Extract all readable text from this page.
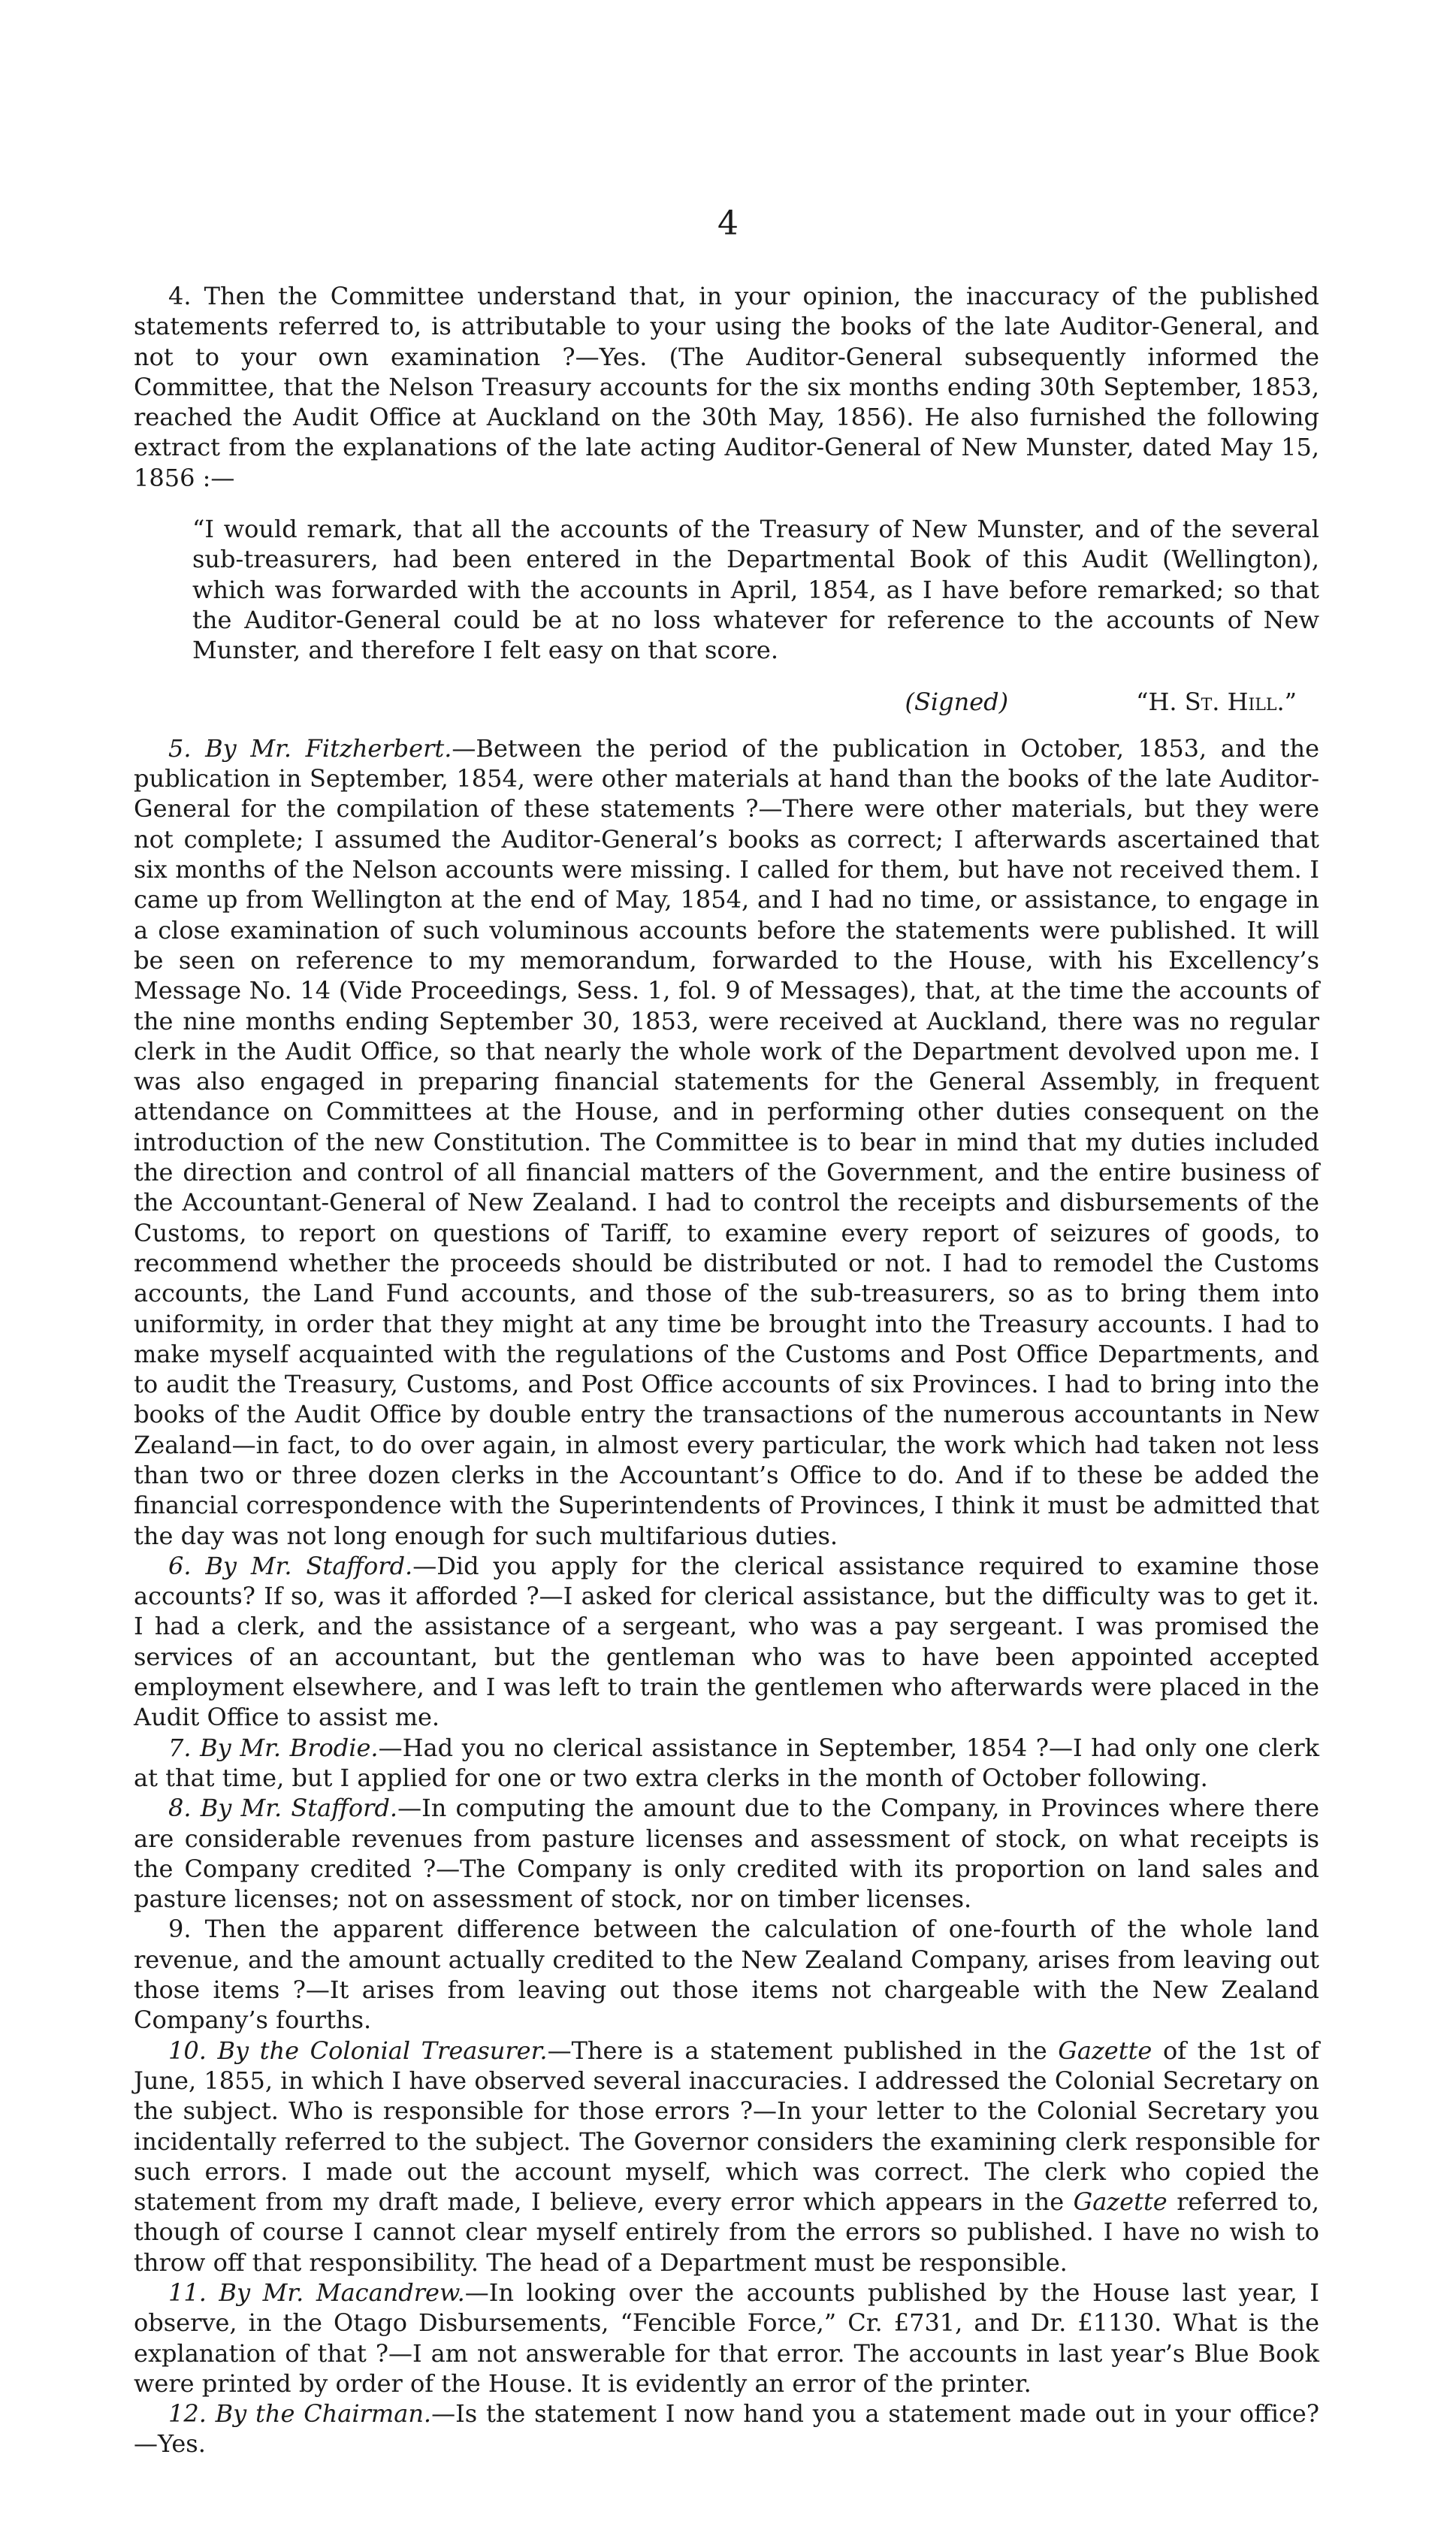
4

4. Then the Committee understand that, in your opinion, the inaccuracy of the published statements referred to, is attributable to your using the books of the late Auditor-General, and not to your own examination ?—Yes. (The Auditor-General subsequently informed the Committee, that the Nelson Treasury accounts for the six months ending 30th September, 1853, reached the Audit Office at Auckland on the 30th May, 1856). He also furnished the following extract from the explanations of the late acting Auditor-General of New Munster, dated May 15, 1856 :—

“I would remark, that all the accounts of the Treasury of New Munster, and of the several sub-treasurers, had been entered in the Departmental Book of this Audit (Wellington), which was forwarded with the accounts in April, 1854, as I have before remarked; so that the Auditor-General could be at no loss whatever for reference to the accounts of New Munster, and therefore I felt easy on that score.

(Signed)	“H. St. Hill.”

5. By Mr. Fitzherbert.—Between the period of the publication in October, 1853, and the publication in September, 1854, were other materials at hand than the books of the late Auditor-General for the compilation of these statements ?—There were other materials, but they were not complete; I assumed the Auditor-General’s books as correct; I afterwards ascertained that six months of the Nelson accounts were missing. I called for them, but have not received them. I came up from Wellington at the end of May, 1854, and I had no time, or assistance, to engage in a close examination of such voluminous accounts before the statements were published. It will be seen on reference to my memorandum, forwarded to the House, with his Excellency’s Message No. 14 (Vide Proceedings, Sess. 1, fol. 9 of Messages), that, at the time the accounts of the nine months ending September 30, 1853, were received at Auckland, there was no regular clerk in the Audit Office, so that nearly the whole work of the Department devolved upon me. I was also engaged in preparing financial statements for the General Assembly, in frequent attendance on Committees at the House, and in performing other duties consequent on the introduction of the new Constitution. The Committee is to bear in mind that my duties included the direction and control of all financial matters of the Government, and the entire business of the Accountant-General of New Zealand. I had to control the receipts and disbursements of the Customs, to report on questions of Tariff, to examine every report of seizures of goods, to recommend whether the proceeds should be distributed or not. I had to remodel the Customs accounts, the Land Fund accounts, and those of the sub-treasurers, so as to bring them into uniformity, in order that they might at any time be brought into the Treasury accounts. I had to make myself acquainted with the regulations of the Customs and Post Office Departments, and to audit the Treasury, Customs, and Post Office accounts of six Provinces. I had to bring into the books of the Audit Office by double entry the transactions of the numerous accountants in New Zealand—in fact, to do over again, in almost every particular, the work which had taken not less than two or three dozen clerks in the Accountant’s Office to do. And if to these be added the financial correspondence with the Superintendents of Provinces, I think it must be admitted that the day was not long enough for such multifarious duties.

6. By Mr. Stafford.—Did you apply for the clerical assistance required to examine those accounts? If so, was it afforded ?—I asked for clerical assistance, but the difficulty was to get it. I had a clerk, and the assistance of a sergeant, who was a pay sergeant. I was promised the services of an accountant, but the gentleman who was to have been appointed accepted employment elsewhere, and I was left to train the gentlemen who afterwards were placed in the Audit Office to assist me.

7. By Mr. Brodie.—Had you no clerical assistance in September, 1854 ?—I had only one clerk at that time, but I applied for one or two extra clerks in the month of October following.

8. By Mr. Stafford.—In computing the amount due to the Company, in Provinces where there are considerable revenues from pasture licenses and assessment of stock, on what receipts is the Company credited ?—The Company is only credited with its proportion on land sales and pasture licenses; not on assessment of stock, nor on timber licenses.

9. Then the apparent difference between the calculation of one-fourth of the whole land revenue, and the amount actually credited to the New Zealand Company, arises from leaving out those items ?—It arises from leaving out those items not chargeable with the New Zealand Company’s fourths.

10. By the Colonial Treasurer.—There is a statement published in the Gazette of the 1st of June, 1855, in which I have observed several inaccuracies. I addressed the Colonial Secretary on the subject. Who is responsible for those errors ?—In your letter to the Colonial Secretary you incidentally referred to the subject. The Governor considers the examining clerk responsible for such errors. I made out the account myself, which was correct. The clerk who copied the statement from my draft made, I believe, every error which appears in the Gazette referred to, though of course I cannot clear myself entirely from the errors so published. I have no wish to throw off that responsibility. The head of a Department must be responsible.

11. By Mr. Macandrew.—In looking over the accounts published by the House last year, I observe, in the Otago Disbursements, “Fencible Force,” Cr. £731, and Dr. £1130. What is the explanation of that ?—I am not answerable for that error. The accounts in last year’s Blue Book were printed by order of the House. It is evidently an error of the printer.

12. By the Chairman.—Is the statement I now hand you a statement made out in your office?—Yes.
